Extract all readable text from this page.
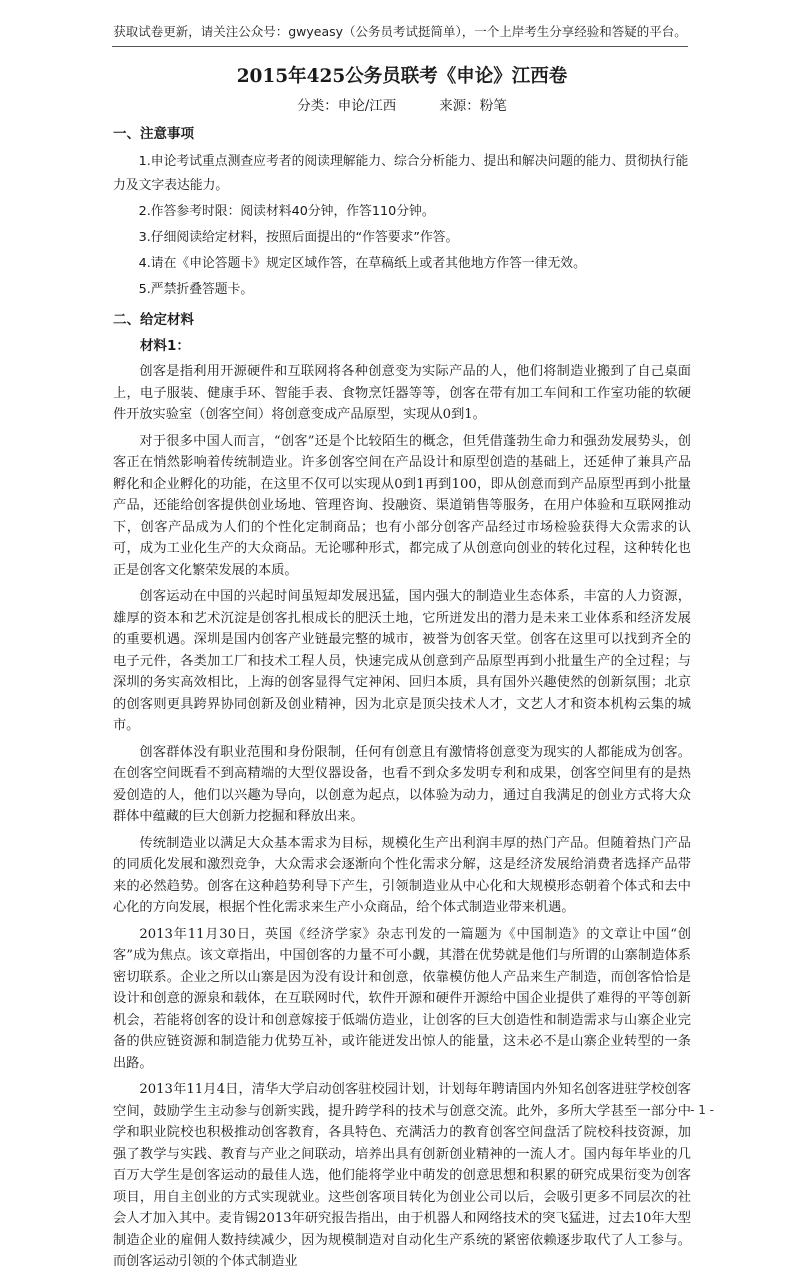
获取试卷更新，请关注公众号：gwyeasy（公务员考试挺简单），一个上岸考生分享经验和答疑的平台。
2015年425公务员联考《申论》江西卷
分类：申论/江西	来源：粉笔
一、注意事项

1.申论考试重点测查应考者的阅读理解能力、综合分析能力、提出和解决问题的能力、贯彻执行能力及文字表达能力。

2.作答参考时限：阅读材料40分钟，作答110分钟。

3.仔细阅读给定材料，按照后面提出的“作答要求”作答。

4.请在《申论答题卡》规定区域作答，在草稿纸上或者其他地方作答一律无效。

5.严禁折叠答题卡。

二、给定材料
材料1：

创客是指利用开源硬件和互联网将各种创意变为实际产品的人，他们将制造业搬到了自己桌面上，电子服装、健康手环、智能手表、食物烹饪器等等，创客在带有加工车间和工作室功能的软硬件开放实验室（创客空间）将创意变成产品原型，实现从0到1。

对于很多中国人而言，“创客”还是个比较陌生的概念，但凭借蓬勃生命力和强劲发展势头，创客正在悄然影响着传统制造业。许多创客空间在产品设计和原型创造的基础上，还延伸了兼具产品孵化和企业孵化的功能，在这里不仅可以实现从0到1再到100，即从创意而到产品原型再到小批量产品，还能给创客提供创业场地、管理咨询、投融资、渠道销售等服务，在用户体验和互联网推动下，创客产品成为人们的个性化定制商品；也有小部分创客产品经过市场检验获得大众需求的认可，成为工业化生产的大众商品。无论哪种形式，都完成了从创意向创业的转化过程，这种转化也正是创客文化繁荣发展的本质。

创客运动在中国的兴起时间虽短却发展迅猛，国内强大的制造业生态体系，丰富的人力资源，雄厚的资本和艺术沉淀是创客扎根成长的肥沃土地，它所迸发出的潜力是未来工业体系和经济发展的重要机遇。深圳是国内创客产业链最完整的城市，被誉为创客天堂。创客在这里可以找到齐全的电子元件，各类加工厂和技术工程人员，快速完成从创意到产品原型再到小批量生产的全过程；与深圳的务实高效相比，上海的创客显得气定神闲、回归本质，具有国外兴趣使然的创新氛围；北京的创客则更具跨界协同创新及创业精神，因为北京是顶尖技术人才，文艺人才和资本机构云集的城市。

创客群体没有职业范围和身份限制，任何有创意且有激情将创意变为现实的人都能成为创客。在创客空间既看不到高精端的大型仪器设备，也看不到众多发明专利和成果，创客空间里有的是热爱创造的人，他们以兴趣为导向，以创意为起点，以体验为动力，通过自我满足的创业方式将大众群体中蕴藏的巨大创新力挖掘和释放出来。

传统制造业以满足大众基本需求为目标，规模化生产出利润丰厚的热门产品。但随着热门产品的同质化发展和激烈竞争，大众需求会逐渐向个性化需求分解，这是经济发展给消费者选择产品带来的必然趋势。创客在这种趋势利导下产生，引领制造业从中心化和大规模形态朝着个体式和去中心化的方向发展，根据个性化需求来生产小众商品，给个体式制造业带来机遇。

2013年11月30日，英国《经济学家》杂志刊发的一篇题为《中国制造》的文章让中国“创客”成为焦点。该文章指出，中国创客的力量不可小觑，其潜在优势就是他们与所谓的山寨制造体系密切联系。企业之所以山寨是因为没有设计和创意，依靠模仿他人产品来生产制造，而创客恰恰是设计和创意的源泉和载体，在互联网时代，软件开源和硬件开源给中国企业提供了难得的平等创新机会，若能将创客的设计和创意嫁接于低端仿造业，让创客的巨大创造性和制造需求与山寨企业完备的供应链资源和制造能力优势互补，或许能迸发出惊人的能量，这未必不是山寨企业转型的一条出路。

2013年11月4日，清华大学启动创客驻校园计划，计划每年聘请国内外知名创客进驻学校创客空间，鼓励学生主动参与创新实践，提升跨学科的技术与创意交流。此外，多所大学甚至一部分中学和职业院校也积极推动创客教育，各具特色、充满活力的教育创客空间盘活了院校科技资源，加强了教学与实践、教育与产业之间联动，培养出具有创新创业精神的一流人才。国内每年毕业的几百万大学生是创客运动的最佳人选，他们能将学业中萌发的创意思想和积累的研究成果衍变为创客项目，用自主创业的方式实现就业。这些创客项目转化为创业公司以后，会吸引更多不同层次的社会人才加入其中。麦肯锡2013年研究报告指出，由于机器人和网络技术的突飞猛进，过去10年大型制造企业的雇佣人数持续减少，因为规模制造对自动化生产系统的紧密依赖逐步取代了人工参与。而创客运动引领的个体式制造业

- 1 -
